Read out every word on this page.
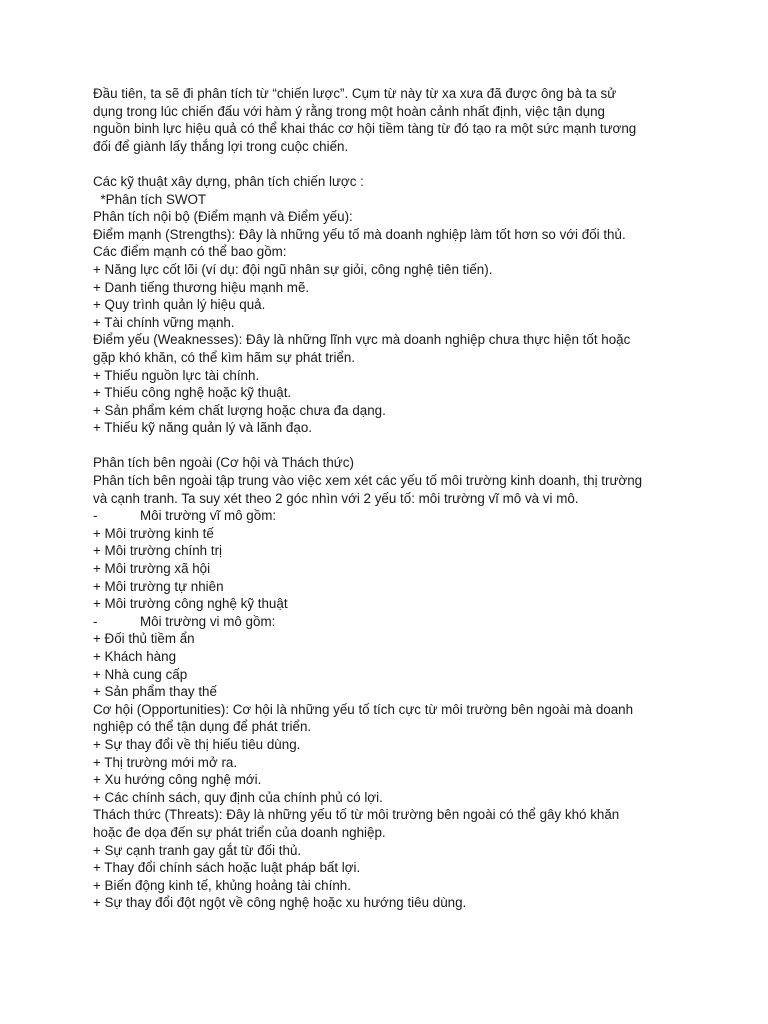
Đầu tiên, ta sẽ đi phân tích từ “chiến lược”. Cụm từ này từ xa xưa đã được ông bà ta sử
dụng trong lúc chiến đấu với hàm ý rằng trong một hoàn cảnh nhất định, việc tận dụng
nguồn binh lực hiệu quả có thể khai thác cơ hội tiềm tàng từ đó tạo ra một sức mạnh tương
đối để giành lấy thắng lợi trong cuộc chiến.
Các kỹ thuật xây dựng, phân tích chiến lược :
*Phân tích SWOT
Phân tích nội bộ (Điểm mạnh và Điểm yếu):
Điểm mạnh (Strengths): Đây là những yếu tố mà doanh nghiệp làm tốt hơn so với đối thủ.
Các điểm mạnh có thể bao gồm:
+ Năng lực cốt lõi (ví dụ: đội ngũ nhân sự giỏi, công nghệ tiên tiến).
+ Danh tiếng thương hiệu mạnh mẽ.
+ Quy trình quản lý hiệu quả.
+ Tài chính vững mạnh.
Điểm yếu (Weaknesses): Đây là những lĩnh vực mà doanh nghiệp chưa thực hiện tốt hoặc
gặp khó khăn, có thể kìm hãm sự phát triển.
+ Thiếu nguồn lực tài chính.
+ Thiếu công nghệ hoặc kỹ thuật.
+ Sản phẩm kém chất lượng hoặc chưa đa dạng.
+ Thiếu kỹ năng quản lý và lãnh đạo.
Phân tích bên ngoài (Cơ hội và Thách thức)
Phân tích bên ngoài tập trung vào việc xem xét các yếu tố môi trường kinh doanh, thị trường
và cạnh tranh. Ta suy xét theo 2 góc nhìn với 2 yếu tố: môi trường vĩ mô và vi mô.
-	Môi trường vĩ mô gồm:
+ Môi trường kinh tế
+ Môi trường chính trị
+ Môi trường xã hội
+ Môi trường tự nhiên
+ Môi trường công nghệ kỹ thuật
-	Môi trường vi mô gồm:
+ Đối thủ tiềm ẩn
+ Khách hàng
+ Nhà cung cấp
+ Sản phẩm thay thế
Cơ hội (Opportunities): Cơ hội là những yếu tố tích cực từ môi trường bên ngoài mà doanh
nghiệp có thể tận dụng để phát triển.
+ Sự thay đổi về thị hiếu tiêu dùng.
+ Thị trường mới mở ra.
+ Xu hướng công nghệ mới.
+ Các chính sách, quy định của chính phủ có lợi.
Thách thức (Threats): Đây là những yếu tố từ môi trường bên ngoài có thể gây khó khăn
hoặc đe dọa đến sự phát triển của doanh nghiệp.
+ Sự cạnh tranh gay gắt từ đối thủ.
+ Thay đổi chính sách hoặc luật pháp bất lợi.
+ Biến động kinh tế, khủng hoảng tài chính.
+ Sự thay đổi đột ngột về công nghệ hoặc xu hướng tiêu dùng.
